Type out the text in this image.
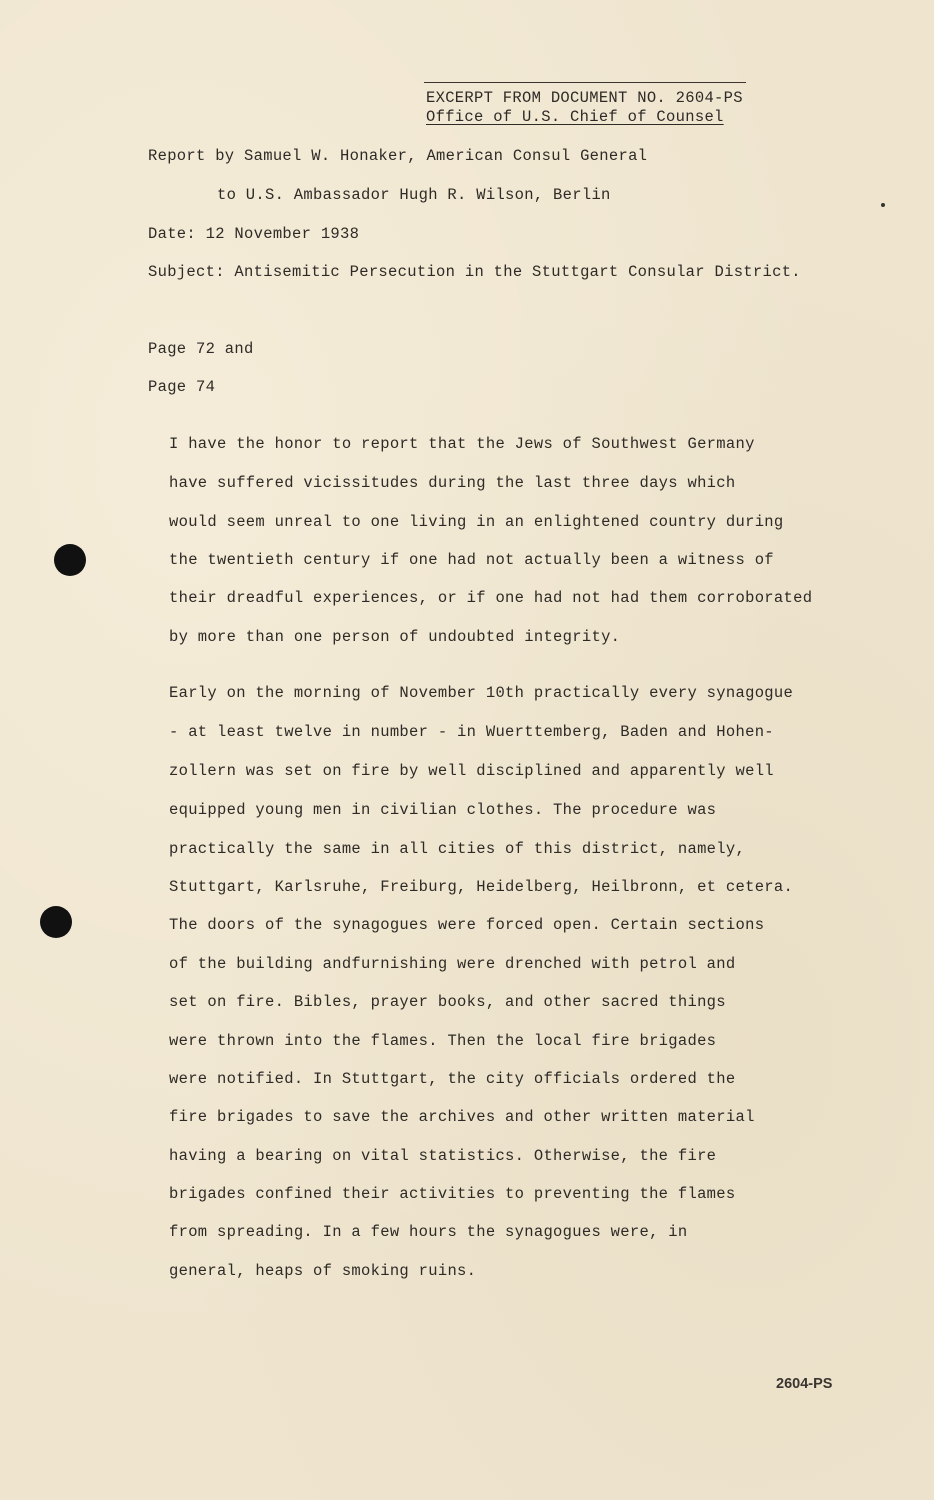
EXCERPT FROM DOCUMENT NO. 2604-PS
Office of U.S. Chief of Counsel
Report by Samuel W. Honaker, American Consul General
to U.S. Ambassador Hugh R. Wilson, Berlin
Date: 12 November 1938
Subject: Antisemitic Persecution in the Stuttgart Consular District.
Page 72 and
Page 74
I have the honor to report that the Jews of Southwest Germany
have suffered vicissitudes during the last three days which
would seem unreal to one living in an enlightened country during
the twentieth century if one had not actually been a witness of
their dreadful experiences, or if one had not had them corroborated
by more than one person of undoubted integrity.
Early on the morning of November 10th practically every synagogue
- at least twelve in number - in Wuerttemberg, Baden and Hohen-
zollern was set on fire by well disciplined and apparently well
equipped young men in civilian clothes. The procedure was
practically the same in all cities of this district, namely,
Stuttgart, Karlsruhe, Freiburg, Heidelberg, Heilbronn, et cetera.
The doors of the synagogues were forced open. Certain sections
of the building andfurnishing were drenched with petrol and
set on fire. Bibles, prayer books, and other sacred things
were thrown into the flames. Then the local fire brigades
were notified. In Stuttgart, the city officials ordered the
fire brigades to save the archives and other written material
having a bearing on vital statistics. Otherwise, the fire
brigades confined their activities to preventing the flames
from spreading. In a few hours the synagogues were, in
general, heaps of smoking ruins.
2604-PS
